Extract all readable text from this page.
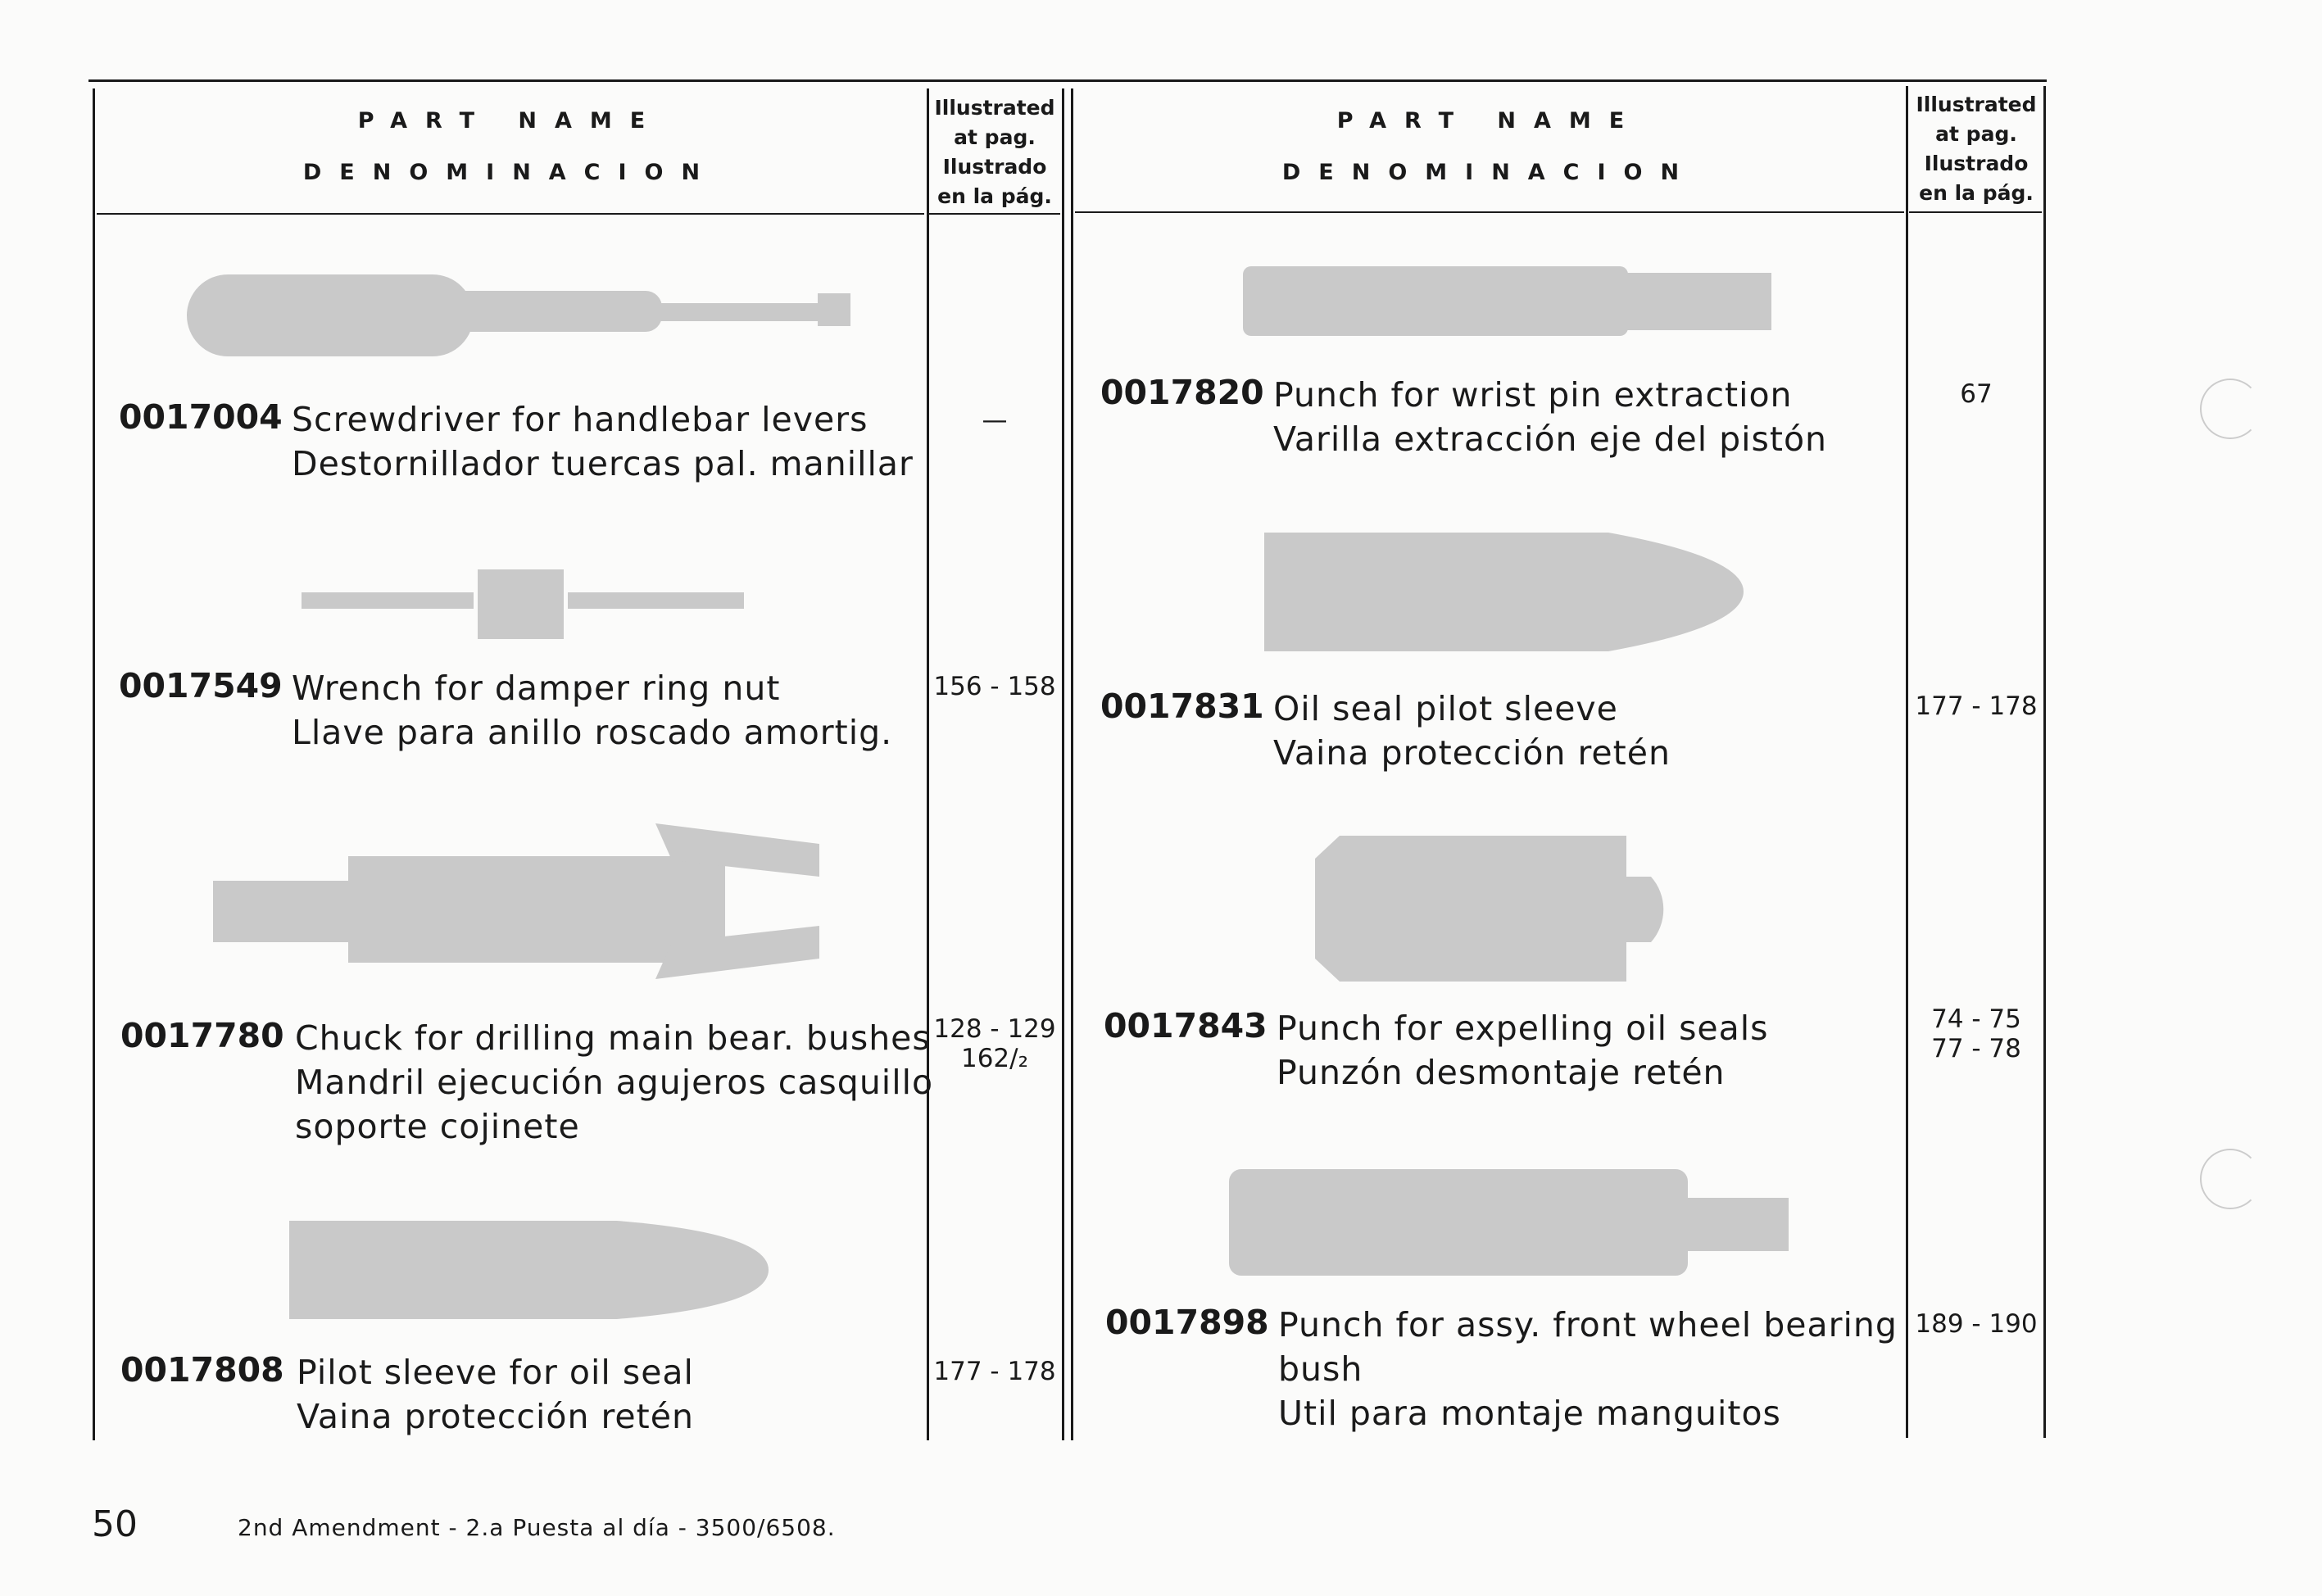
PART NAME
DENOMINACION
Illustrated
at pag.
Ilustrado
en la pág.
PART NAME
DENOMINACION
Illustrated
at pag.
Ilustrado
en la pág.
0017004 Screwdriver for handlebar levers
Destornillador tuercas pal. manillar
—
0017549 Wrench for damper ring nut
Llave para anillo roscado amortig.
156 - 158
0017780 Chuck for drilling main bear. bushes
Mandril ejecución agujeros casquillo
soporte cojinete
128 - 129
162/₂
0017808 Pilot sleeve for oil seal
Vaina protección retén
177 - 178
0017820 Punch for wrist pin extraction
Varilla extracción eje del pistón
67
0017831 Oil seal pilot sleeve
Vaina protección retén
177 - 178
0017843 Punch for expelling oil seals
Punzón desmontaje retén
74 - 75
77 - 78
0017898 Punch for assy. front wheel bearing
bush
Util para montaje manguitos
189 - 190
50	2nd Amendment - 2.a Puesta al día - 3500/6508.
